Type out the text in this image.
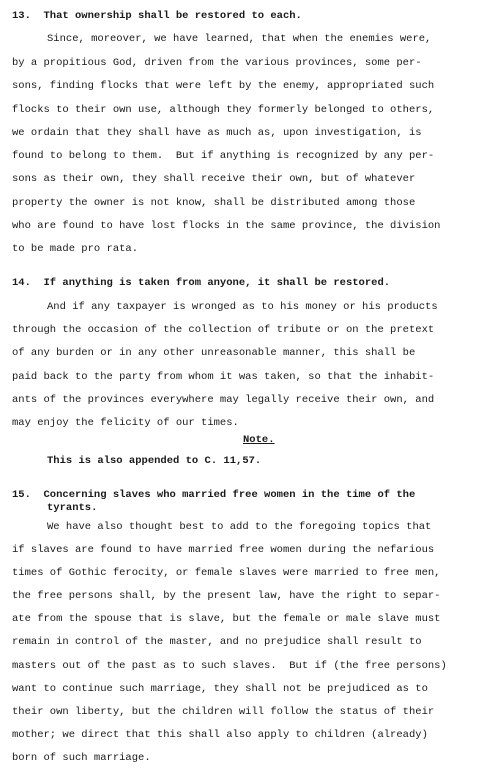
13.  That ownership shall be restored to each.
Since, moreover, we have learned, that when the enemies were,
by a propitious God, driven from the various provinces, some per-
sons, finding flocks that were left by the enemy, appropriated such
flocks to their own use, although they formerly belonged to others,
we ordain that they shall have as much as, upon investigation, is
found to belong to them.  But if anything is recognized by any per-
sons as their own, they shall receive their own, but of whatever
property the owner is not know, shall be distributed among those
who are found to have lost flocks in the same province, the division
to be made pro rata.
14.  If anything is taken from anyone, it shall be restored.
And if any taxpayer is wronged as to his money or his products
through the occasion of the collection of tribute or on the pretext
of any burden or in any other unreasonable manner, this shall be
paid back to the party from whom it was taken, so that the inhabit-
ants of the provinces everywhere may legally receive their own, and
may enjoy the felicity of our times.
Note.
This is also appended to C. 11,57.
15.  Concerning slaves who married free women in the time of the
tyrants.
We have also thought best to add to the foregoing topics that
if slaves are found to have married free women during the nefarious
times of Gothic ferocity, or female slaves were married to free men,
the free persons shall, by the present law, have the right to separ-
ate from the spouse that is slave, but the female or male slave must
remain in control of the master, and no prejudice shall result to
masters out of the past as to such slaves.  But if (the free persons)
want to continue such marriage, they shall not be prejudiced as to
their own liberty, but the children will follow the status of their
mother; we direct that this shall also apply to children (already)
born of such marriage.
